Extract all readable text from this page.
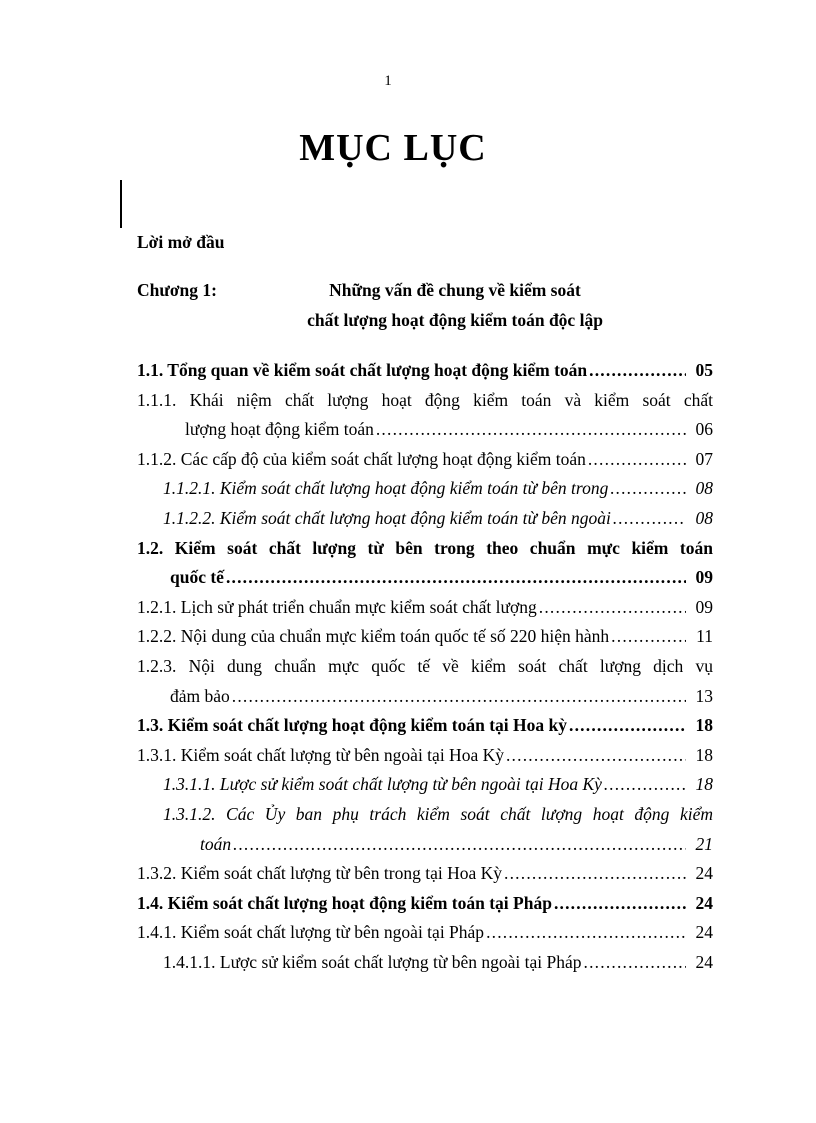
1
MỤC LỤC
Lời mở đầu
Chương 1:	Những vấn đề chung về kiểm soát
chất lượng hoạt động kiểm toán độc lập
1.1. Tổng quan về kiểm soát chất lượng hoạt động kiểm toán .....	05
1.1.1. Khái niệm chất lượng hoạt động kiểm toán và kiểm soát chất
lượng hoạt động kiểm toán .....	06
1.1.2. Các cấp độ của kiểm soát chất lượng hoạt động kiểm toán .....	07
1.1.2.1. Kiểm soát chất lượng hoạt động kiểm toán từ bên trong .....	08
1.1.2.2. Kiểm soát chất lượng hoạt động kiểm toán từ bên ngoài .....	08
1.2. Kiểm soát chất lượng từ bên trong theo chuẩn mực kiểm toán
quốc tế .....	09
1.2.1. Lịch sử phát triển chuẩn mực kiểm soát chất lượng .....	09
1.2.2. Nội dung của chuẩn mực kiểm toán quốc tế số 220 hiện hành .....	11
1.2.3. Nội dung chuẩn mực quốc tế về kiểm soát chất lượng dịch vụ
đảm bảo .....	13
1.3. Kiểm soát chất lượng hoạt động kiểm toán tại Hoa kỳ .....	18
1.3.1. Kiểm soát chất lượng từ bên ngoài tại Hoa Kỳ .....	18
1.3.1.1. Lược sử kiểm soát chất lượng từ bên ngoài tại Hoa Kỳ .....	18
1.3.1.2. Các Ủy ban phụ trách kiểm soát chất lượng hoạt động kiểm
toán .....	21
1.3.2. Kiểm soát chất lượng từ bên trong tại Hoa Kỳ .....	24
1.4. Kiểm soát chất lượng hoạt động kiểm toán tại Pháp .....	24
1.4.1. Kiểm soát chất lượng từ bên ngoài tại Pháp .....	24
1.4.1.1. Lược sử kiểm soát chất lượng từ bên ngoài tại Pháp .....	24
